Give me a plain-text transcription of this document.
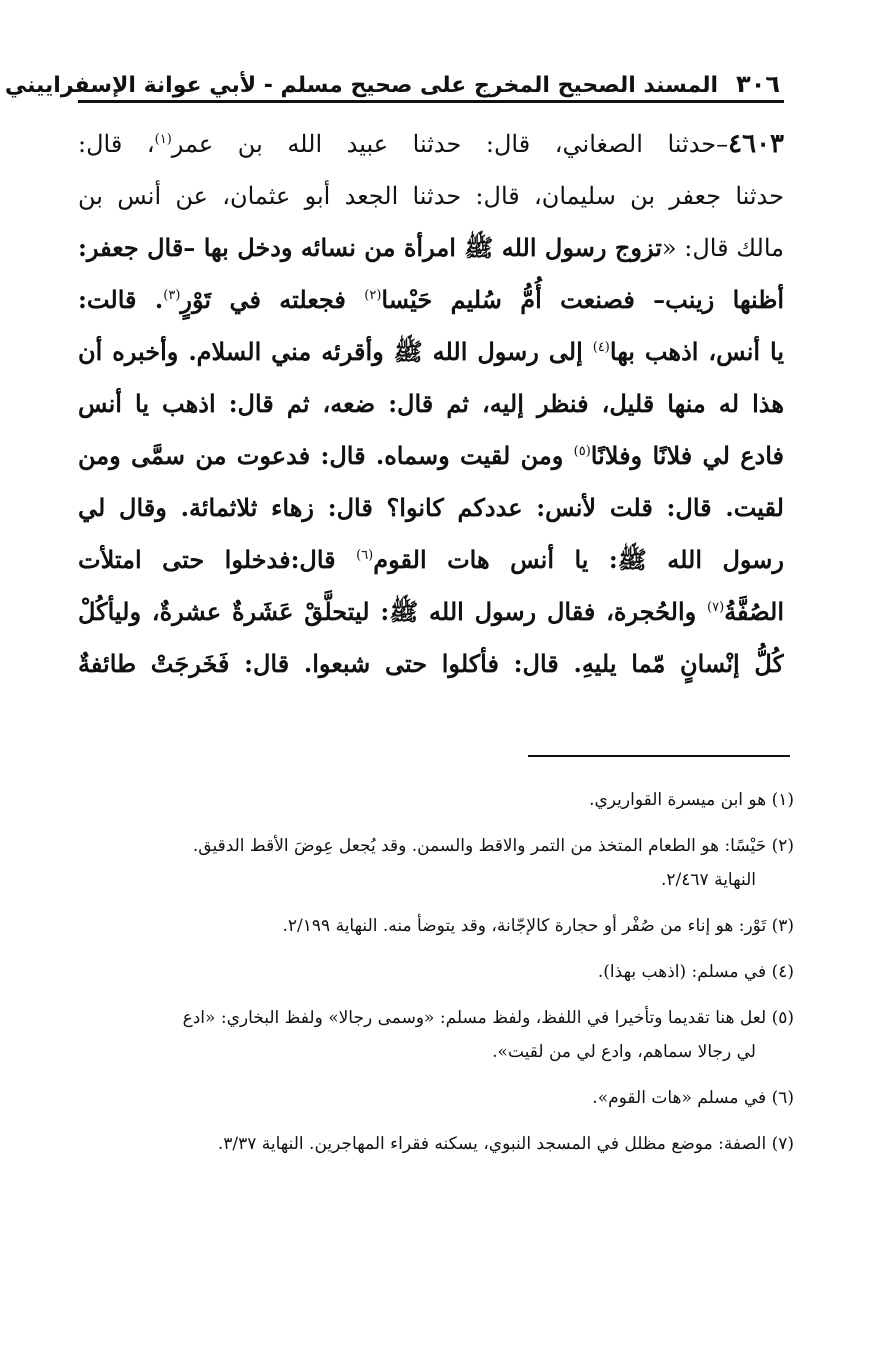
٣٠٦
المسند الصحيح المخرج على صحيح مسلم - لأبي عوانة الإسفراييني
٤٦٠٣–حدثنا الصغاني، قال: حدثنا عبيد الله بن عمر$^{(١)}$، قال:
حدثنا جعفر بن سليمان، قال: حدثنا الجعد أبو عثمان، عن أنس بن
مالك قال: «تزوج رسول الله ﷺ امرأة من نسائه ودخل بها –قال جعفر:
أظنها زينب– فصنعت أُمُّ سُليم حَيْسا$^{(٢)}$ فجعلته في تَوْرٍ$^{(٣)}$. قالت:
يا أنس، اذهب بها$^{(٤)}$ إلى رسول الله ﷺ وأقرئه مني السلام. وأخبره أن
هذا له منها قليل، فنظر إليه، ثم قال: ضعه، ثم قال: اذهب يا أنس
فادع لي فلانًا وفلانًا$^{(٥)}$ ومن لقيت وسماه. قال: فدعوت من سمَّى ومن
لقيت. قال: قلت لأنس: عددكم كانوا؟ قال: زهاء ثلاثمائة. وقال لي
رسول الله ﷺ: يا أنس هات القوم$^{(٦)}$ قال:فدخلوا حتى امتلأت
الصُفَّةُ$^{(٧)}$ والحُجرة، فقال رسول الله ﷺ: ليتحلَّقْ عَشَرةٌ عشرةٌ، وليأكُلْ
كُلُّ إنْسانٍ مّما يليهِ. قال: فأكلوا حتى شبعوا. قال: فَخَرجَتْ طائفةٌ
(١) هو ابن ميسرة القواريري.
(٢) حَيْسًا: هو الطعام المتخذ من التمر والاقط والسمن. وقد يُجعل عِوضَ الأقط الدقيق.
النهاية ٢/٤٦٧.
(٣) تَوْر: هو إناء من صُفْر أو حجارة كالإجّانة، وقد يتوضأ منه. النهاية ٢/١٩٩.
(٤) في مسلم: (اذهب بهذا).
(٥) لعل هنا تقديما وتأخيرا في اللفظ، ولفظ مسلم: «وسمى رجالا» ولفظ البخاري: «ادع
لي رجالا سماهم، وادع لي من لقيت».
(٦) في مسلم «هات القوم».
(٧) الصفة: موضع مظلل في المسجد النبوي، يسكنه فقراء المهاجرين. النهاية ٣/٣٧.
